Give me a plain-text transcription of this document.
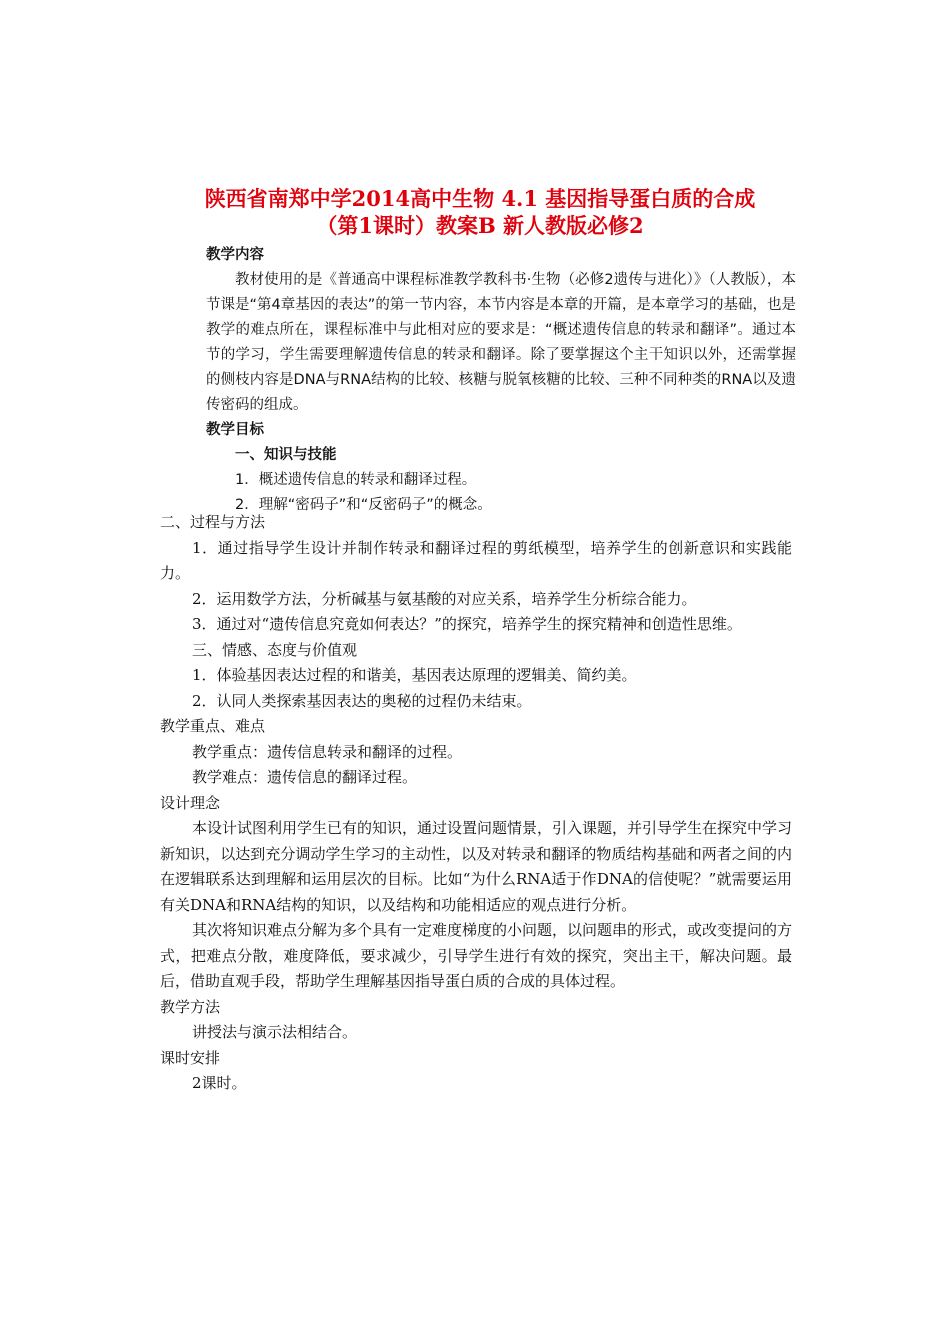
陕西省南郑中学2014高中生物 4.1 基因指导蛋白质的合成
（第1课时）教案B 新人教版必修2
教学内容

教材使用的是《普通高中课程标准教学教科书·生物（必修2遗传与进化）》（人教版），本节课是“第4章基因的表达”的第一节内容，本节内容是本章的开篇，是本章学习的基础，也是教学的难点所在，课程标准中与此相对应的要求是：“概述遗传信息的转录和翻译”。通过本节的学习，学生需要理解遗传信息的转录和翻译。除了要掌握这个主干知识以外，还需掌握的侧枝内容是DNA与RNA结构的比较、核糖与脱氧核糖的比较、三种不同种类的RNA以及遗传密码的组成。

教学目标
一、知识与技能
1．概述遗传信息的转录和翻译过程。
2．理解“密码子”和“反密码子”的概念。
二、过程与方法

1．通过指导学生设计并制作转录和翻译过程的剪纸模型，培养学生的创新意识和实践能力。

2．运用数学方法，分析碱基与氨基酸的对应关系，培养学生分析综合能力。

3．通过对“遗传信息究竟如何表达？”的探究，培养学生的探究精神和创造性思维。

三、情感、态度与价值观
1．体验基因表达过程的和谐美，基因表达原理的逻辑美、简约美。
2．认同人类探索基因表达的奥秘的过程仍未结束。
教学重点、难点
教学重点：遗传信息转录和翻译的过程。
教学难点：遗传信息的翻译过程。
设计理念

本设计试图利用学生已有的知识，通过设置问题情景，引入课题，并引导学生在探究中学习新知识，以达到充分调动学生学习的主动性，以及对转录和翻译的物质结构基础和两者之间的内在逻辑联系达到理解和运用层次的目标。比如“为什么RNA适于作DNA的信使呢？”就需要运用有关DNA和RNA结构的知识，以及结构和功能相适应的观点进行分析。

其次将知识难点分解为多个具有一定难度梯度的小问题，以问题串的形式，或改变提问的方式，把难点分散，难度降低，要求减少，引导学生进行有效的探究，突出主干，解决问题。最后，借助直观手段，帮助学生理解基因指导蛋白质的合成的具体过程。

教学方法
讲授法与演示法相结合。
课时安排
2课时。
